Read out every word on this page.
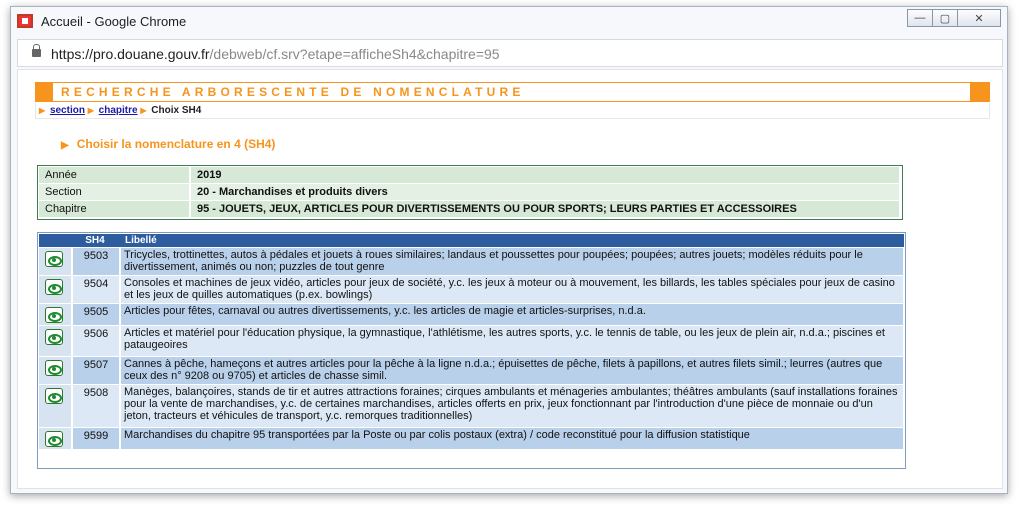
Accueil - Google Chrome	—	▢	✕
https://pro.douane.gouv.fr/debweb/cf.srv?etape=afficheSh4&chapitre=95
RECHERCHE ARBORESCENTE DE NOMENCLATURE
▶ section ▶ chapitre ▶ Choix SH4
▶ Choisir la nomenclature en 4 (SH4)
Année	2019
Section	20 - Marchandises et produits divers
Chapitre	95 - JOUETS, JEUX, ARTICLES POUR DIVERTISSEMENTS OU POUR SPORTS; LEURS PARTIES ET ACCESSOIRES
SH4	Libellé
9503	Tricycles, trottinettes, autos à pédales et jouets à roues similaires; landaus et poussettes pour poupées; poupées; autres jouets; modèles réduits pour le divertissement, animés ou non; puzzles de tout genre
9504	Consoles et machines de jeux vidéo, articles pour jeux de société, y.c. les jeux à moteur ou à mouvement, les billards, les tables spéciales pour jeux de casino et les jeux de quilles automatiques (p.ex. bowlings)
9505	Articles pour fêtes, carnaval ou autres divertissements, y.c. les articles de magie et articles-surprises, n.d.a.
9506	Articles et matériel pour l'éducation physique, la gymnastique, l'athlétisme, les autres sports, y.c. le tennis de table, ou les jeux de plein air, n.d.a.; piscines et pataugeoires
9507	Cannes à pêche, hameçons et autres articles pour la pêche à la ligne n.d.a.; épuisettes de pêche, filets à papillons, et autres filets simil.; leurres (autres que ceux des n° 9208 ou 9705) et articles de chasse simil.
9508	Manèges, balançoires, stands de tir et autres attractions foraines; cirques ambulants et ménageries ambulantes; théâtres ambulants (sauf installations foraines pour la vente de marchandises, y.c. de certaines marchandises, articles offerts en prix, jeux fonctionnant par l'introduction d'une pièce de monnaie ou d'un jeton, tracteurs et véhicules de transport, y.c. remorques traditionnelles)
9599	Marchandises du chapitre 95 transportées par la Poste ou par colis postaux (extra) / code reconstitué pour la diffusion statistique
